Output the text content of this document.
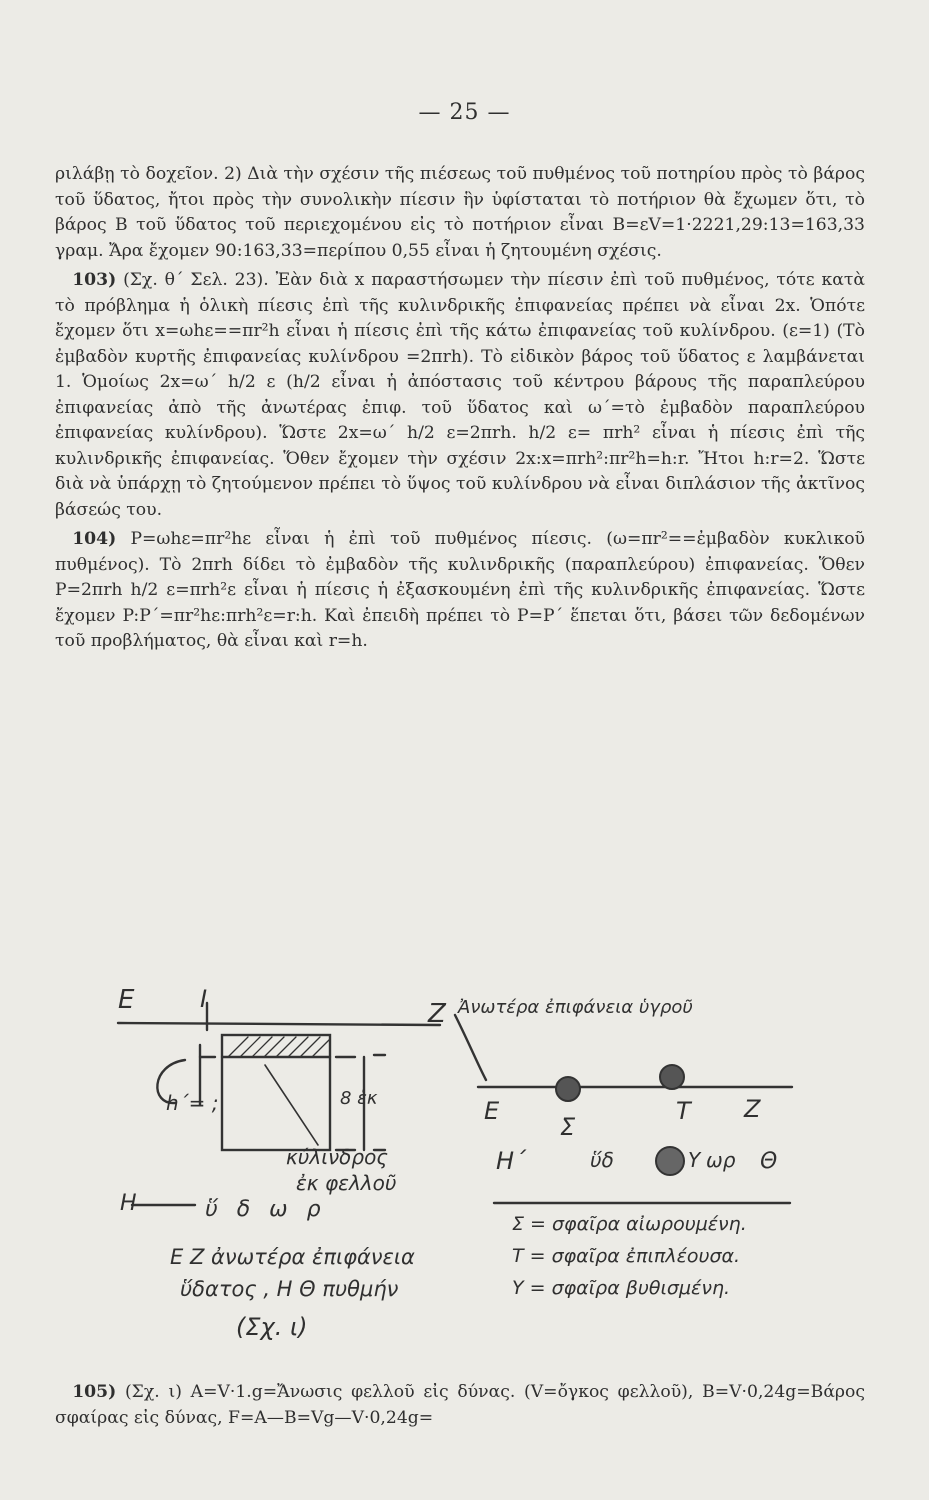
— 25 —

ριλάβῃ τὸ δοχεῖον. 2) Διὰ τὴν σχέσιν τῆς πιέσεως τοῦ πυθμένος τοῦ ποτηρίου πρὸς τὸ βάρος τοῦ ὕδατος, ἤτοι πρὸς τὴν συνολικὴν πίεσιν ἣν ὑφίσταται τὸ ποτήριον θὰ ἔχωμεν ὅτι, τὸ βάρος Β τοῦ ὕδατος τοῦ περιεχομένου εἰς τὸ ποτήριον εἶναι Β=εV=1·2221,29:13=163,33 γραμ. Ἄρα ἔχομεν 90:163,33=περίπου 0,55 εἶναι ἡ ζητουμένη σχέσις.

 103) (Σχ. θ΄ Σελ. 23). Ἐὰν διὰ x παραστήσωμεν τὴν πίεσιν ἐπὶ τοῦ πυθμένος, τότε κατὰ τὸ πρόβλημα ἡ ὁλικὴ πίεσις ἐπὶ τῆς κυλινδρικῆς ἐπιφανείας πρέπει νὰ εἶναι 2x. Ὁπότε ἔχομεν ὅτι x=ωhε==πr²h εἶναι ἡ πίεσις ἐπὶ τῆς κάτω ἐπιφανείας τοῦ κυλίνδρου. (ε=1) (Τὸ ἐμβαδὸν κυρτῆς ἐπιφανείας κυλίνδρου =2πrh). Τὸ εἰδικὸν βάρος τοῦ ὕδατος ε λαμβάνεται 1. Ὁμοίως 2x=ω΄ h/2 ε (h/2 εἶναι ἡ ἀπόστασις τοῦ κέντρου βάρους τῆς παραπλεύρου ἐπιφανείας ἀπὸ τῆς ἀνωτέρας ἐπιφ. τοῦ ὕδατος καὶ ω΄=τὸ ἐμβαδὸν παραπλεύρου ἐπιφανείας κυλίνδρου). Ὥστε 2x=ω΄ h/2 ε=2πrh. h/2 ε= πrh² εἶναι ἡ πίεσις ἐπὶ τῆς κυλινδρικῆς ἐπιφανείας. Ὅθεν ἔχομεν τὴν σχέσιν 2x:x=πrh²:πr²h=h:r. Ἤτοι h:r=2. Ὥστε διὰ νὰ ὑπάρχῃ τὸ ζητούμενον πρέπει τὸ ὕψος τοῦ κυλίνδρου νὰ εἶναι διπλάσιον τῆς ἀκτῖνος βάσεώς του.

 104) P=ωhε=πr²hε εἶναι ἡ ἐπὶ τοῦ πυθμένος πίεσις. (ω=πr²==ἐμβαδὸν κυκλικοῦ πυθμένος). Τὸ 2πrh δίδει τὸ ἐμβαδὸν τῆς κυλινδρικῆς (παραπλεύρου) ἐπιφανείας. Ὅθεν P=2πrh h/2 ε=πrh²ε εἶναι ἡ πίεσις ἡ ἐξασκουμένη ἐπὶ τῆς κυλινδρικῆς ἐπιφανείας. Ὥστε ἔχομεν P:P΄=πr²hε:πrh²ε=r:h. Καὶ ἐπειδὴ πρέπει τὸ P=P΄ ἕπεται ὅτι, βάσει τῶν δεδομένων τοῦ προβλήματος, θὰ εἶναι καὶ r=h.

E	I	Z
h΄= ;	8 ἑκ
κύλινδρος
ἐκ φελλοῦ
H	ὕ δ ω ρ
E Z ἀνωτέρα ἐπιφάνεια
ὕδατος , H Θ πυθμήν
(Σχ. ι)
Ἀνωτέρα ἐπιφάνεια ὑγροῦ
E
Σ
T Z
H΄	ὕδ	Y ωρ Θ
Σ = σφαῖρα αἰωρουμένη.
T = σφαῖρα ἐπιπλέουσα.
Y = σφαῖρα βυθισμένη.

 105) (Σχ. ι) A=V·1.g=Ἄνωσις φελλοῦ εἰς δύνας. (V=ὄγκος φελλοῦ), B=V·0,24g=Βάρος σφαίρας εἰς δύνας, F=A—B=Vg—V·0,24g=
